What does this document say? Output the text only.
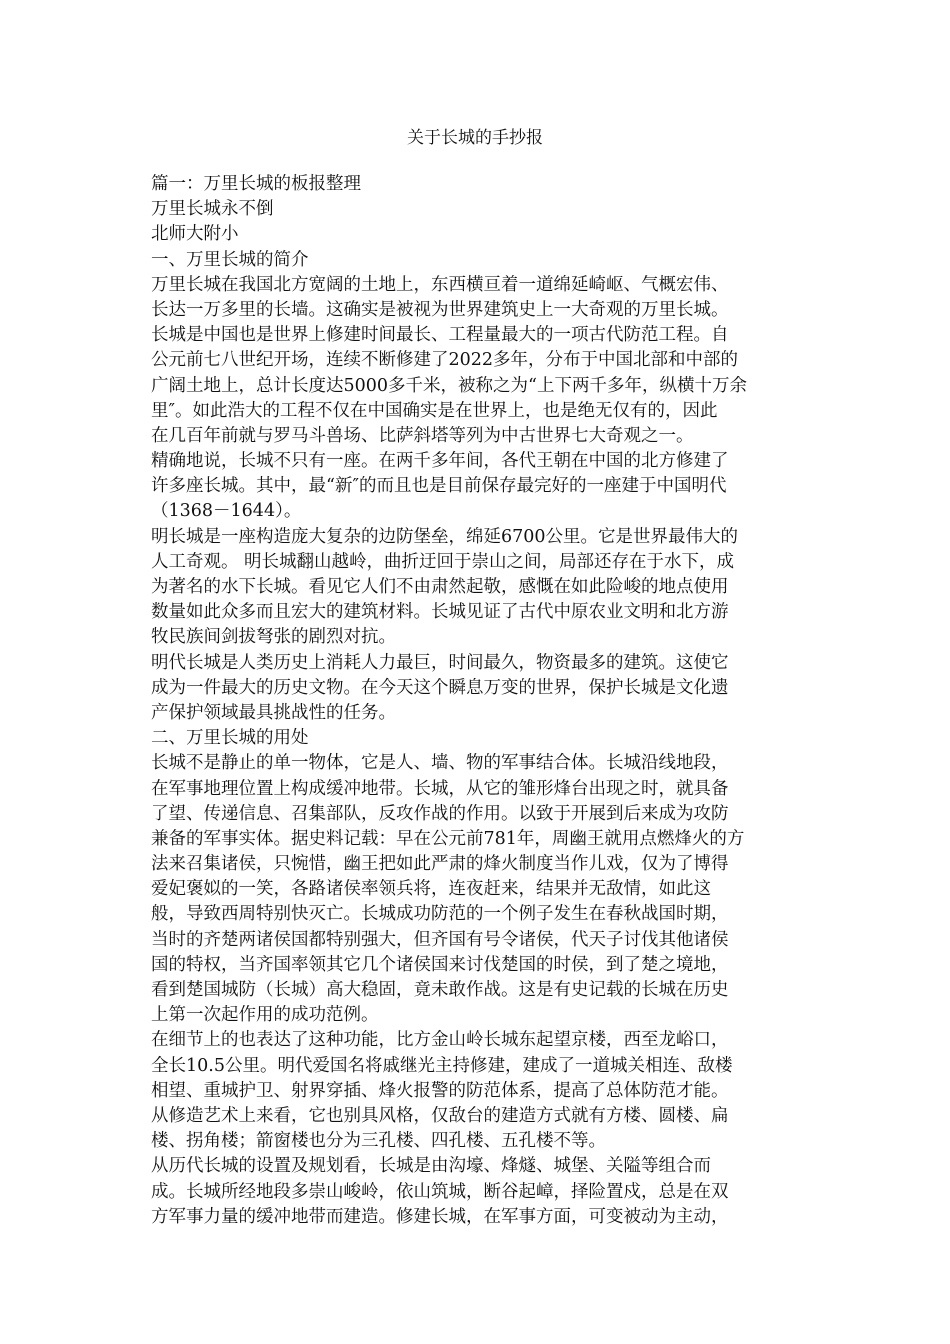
关于长城的手抄报

篇一：万里长城的板报整理

万里长城永不倒

北师大附小

一、万里长城的简介

万里长城在我国北方宽阔的土地上，东西横亘着一道绵延崎岖、气概宏伟、

长达一万多里的长墙。这确实是被视为世界建筑史上一大奇观的万里长城。

长城是中国也是世界上修建时间最长、工程量最大的一项古代防范工程。自

公元前七八世纪开场，连续不断修建了2022多年，分布于中国北部和中部的

广阔土地上，总计长度达5000多千米，被称之为“上下两千多年，纵横十万余

里″。如此浩大的工程不仅在中国确实是在世界上，也是绝无仅有的，因此

在几百年前就与罗马斗兽场、比萨斜塔等列为中古世界七大奇观之一。

精确地说，长城不只有一座。在两千多年间，各代王朝在中国的北方修建了

许多座长城。其中，最“新″的而且也是目前保存最完好的一座建于中国明代

（1368－1644）。

明长城是一座构造庞大复杂的边防堡垒，绵延6700公里。它是世界最伟大的

人工奇观。 明长城翻山越岭，曲折迂回于崇山之间，局部还存在于水下，成

为著名的水下长城。看见它人们不由肃然起敬，感慨在如此险峻的地点使用

数量如此众多而且宏大的建筑材料。长城见证了古代中原农业文明和北方游

牧民族间剑拔弩张的剧烈对抗。

明代长城是人类历史上消耗人力最巨，时间最久，物资最多的建筑。这使它

成为一件最大的历史文物。在今天这个瞬息万变的世界，保护长城是文化遗

产保护领域最具挑战性的任务。

二、万里长城的用处

长城不是静止的单一物体，它是人、墙、物的军事结合体。长城沿线地段，

在军事地理位置上构成缓冲地带。长城，从它的雏形烽台出现之时，就具备

了望、传递信息、召集部队，反攻作战的作用。以致于开展到后来成为攻防

兼备的军事实体。据史料记载：早在公元前781年，周幽王就用点燃烽火的方

法来召集诸侯，只惋惜，幽王把如此严肃的烽火制度当作儿戏，仅为了博得

爱妃褒姒的一笑，各路诸侯率领兵将，连夜赶来，结果并无敌情，如此这

般，导致西周特别快灭亡。长城成功防范的一个例子发生在春秋战国时期，

当时的齐楚两诸侯国都特别强大，但齐国有号令诸侯，代天子讨伐其他诸侯

国的特权，当齐国率领其它几个诸侯国来讨伐楚国的时侯，到了楚之境地，

看到楚国城防（长城）高大稳固，竟未敢作战。这是有史记载的长城在历史

上第一次起作用的成功范例。

在细节上的也表达了这种功能，比方金山岭长城东起望京楼，西至龙峪口，

全长10.5公里。明代爱国名将戚继光主持修建，建成了一道城关相连、敌楼

相望、重城护卫、射界穿插、烽火报警的防范体系，提高了总体防范才能。

从修造艺术上来看，它也别具风格，仅敌台的建造方式就有方楼、圆楼、扁

楼、拐角楼；箭窗楼也分为三孔楼、四孔楼、五孔楼不等。

从历代长城的设置及规划看，长城是由沟壕、烽燧、城堡、关隘等组合而

成。长城所经地段多崇山峻岭，依山筑城，断谷起嶂，择险置戍，总是在双

方军事力量的缓冲地带而建造。修建长城，在军事方面，可变被动为主动，
